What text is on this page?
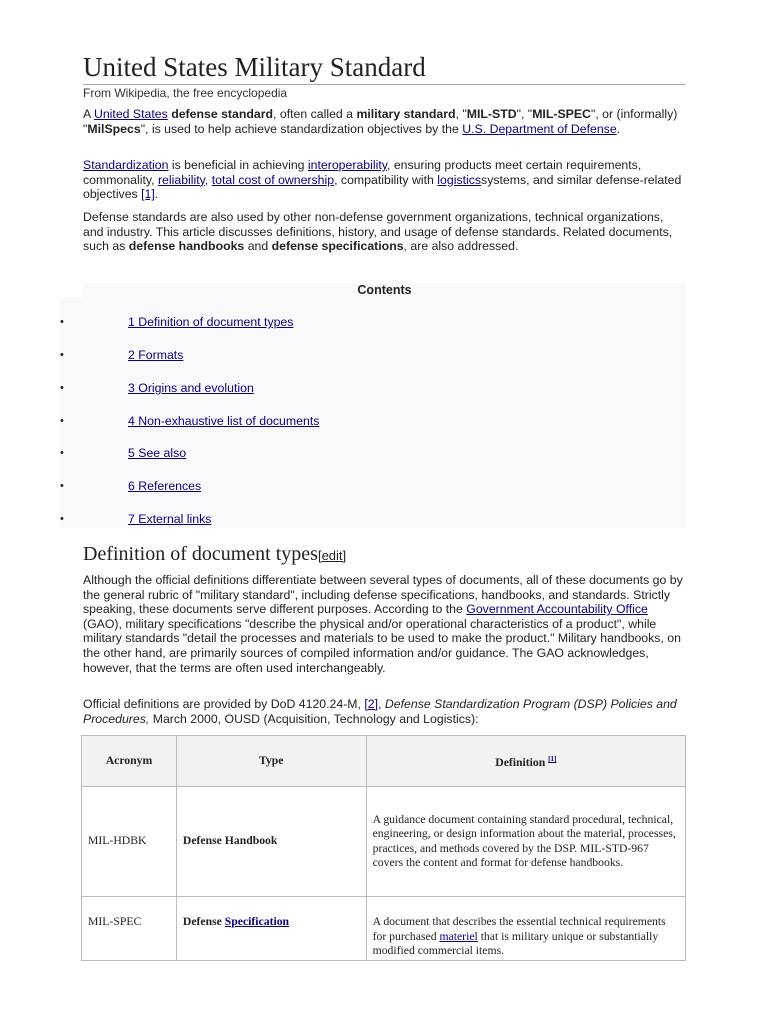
United States Military Standard
From Wikipedia, the free encyclopedia

A United States defense standard, often called a military standard, "MIL-STD", "MIL-SPEC", or (informally) "MilSpecs", is used to help achieve standardization objectives by the U.S. Department of Defense.

Standardization is beneficial in achieving interoperability, ensuring products meet certain requirements, commonality, reliability, total cost of ownership, compatibility with logisticssystems, and similar defense-related objectives [1].

Defense standards are also used by other non-defense government organizations, technical organizations, and industry. This article discusses definitions, history, and usage of defense standards. Related documents, such as defense handbooks and defense specifications, are also addressed.

Contents
•	1 Definition of document types
•	2 Formats
•	3 Origins and evolution
•	4 Non-exhaustive list of documents
•	5 See also
•	6 References
•	7 External links
Definition of document types[edit]

Although the official definitions differentiate between several types of documents, all of these documents go by the general rubric of "military standard", including defense specifications, handbooks, and standards. Strictly speaking, these documents serve different purposes. According to the Government Accountability Office (GAO), military specifications "describe the physical and/or operational characteristics of a product", while military standards "detail the processes and materials to be used to make the product." Military handbooks, on the other hand, are primarily sources of compiled information and/or guidance. The GAO acknowledges, however, that the terms are often used interchangeably.

Official definitions are provided by DoD 4120.24-M, [2], Defense Standardization Program (DSP) Policies and Procedures, March 2000, OUSD (Acquisition, Technology and Logistics):

Acronym	Type	Definition [1]
MIL-HDBK	Defense Handbook	A guidance document containing standard procedural, technical, engineering, or design information about the material, processes, practices, and methods covered by the DSP. MIL-STD-967 covers the content and format for defense handbooks.
MIL-SPEC	Defense Specification	A document that describes the essential technical requirements for purchased materiel that is military unique or substantially modified commercial items.
